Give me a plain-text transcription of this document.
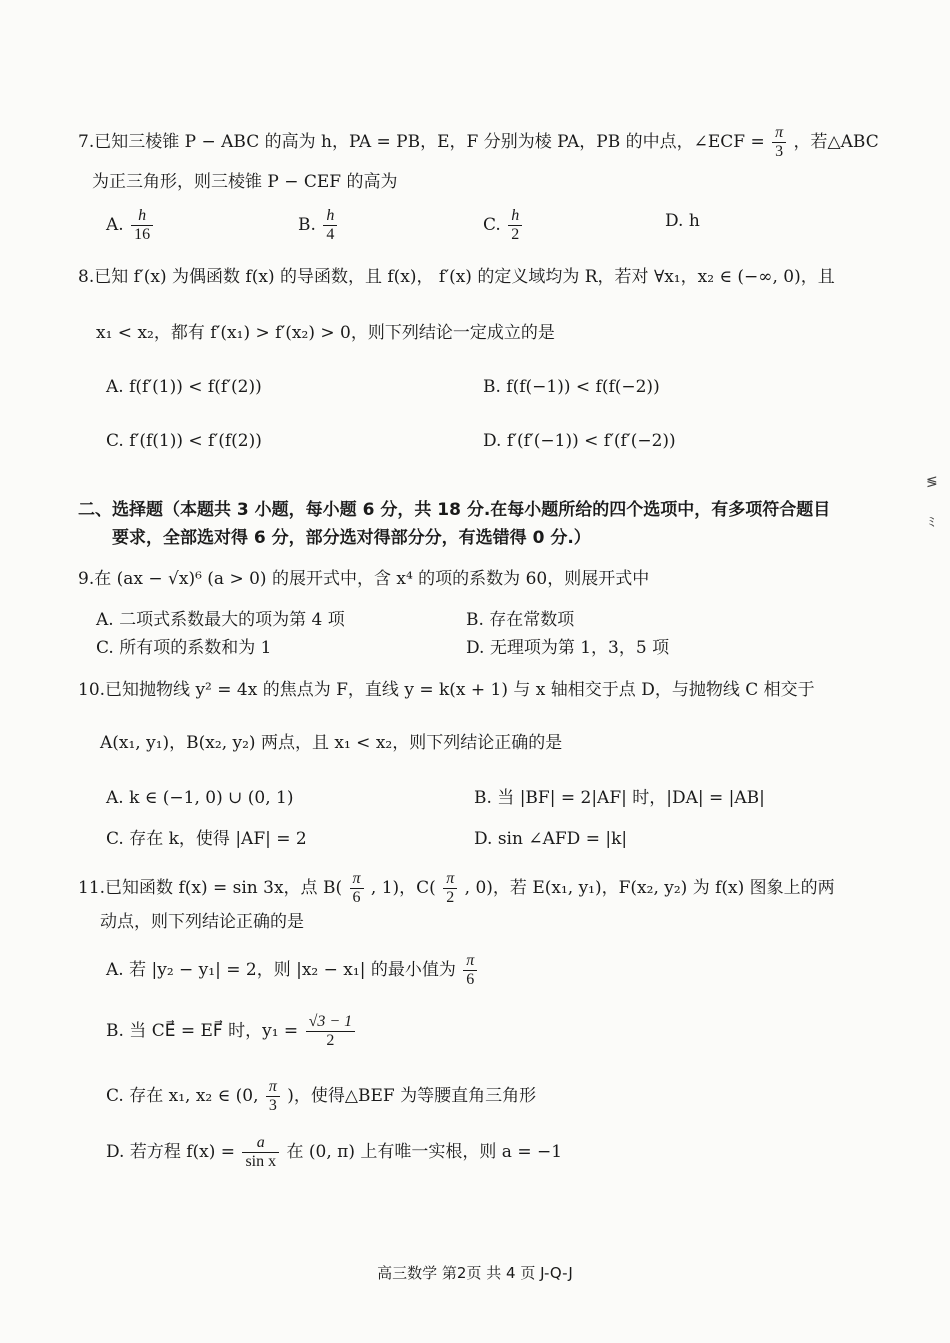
7.已知三棱锥 P − ABC 的高为 h，PA = PB，E，F 分别为棱 PA，PB 的中点，∠ECF = $\frac{\pi}{3}$ ，若△ABC
为正三角形，则三棱锥 P − CEF 的高为
A. $\frac{h}{16}$	B. $\frac{h}{4}$	C. $\frac{h}{2}$	D. h
8.已知 f′(x) 为偶函数 f(x) 的导函数，且 f(x)， f′(x) 的定义域均为 R，若对 ∀x₁，x₂ ∈ (−∞, 0)，且
x₁ < x₂，都有 f′(x₁) > f′(x₂) > 0，则下列结论一定成立的是
A. f(f′(1)) < f(f′(2))	B. f(f(−1)) < f(f(−2))
C. f′(f(1)) < f′(f(2))	D. f′(f′(−1)) < f′(f′(−2))
二、选择题（本题共 3 小题，每小题 6 分，共 18 分.在每小题所给的四个选项中，有多项符合题目
要求，全部选对得 6 分，部分选对得部分分，有选错得 0 分.）
9.在 (ax − √x)⁶ (a > 0) 的展开式中，含 x⁴ 的项的系数为 60，则展开式中
A. 二项式系数最大的项为第 4 项	B. 存在常数项
C. 所有项的系数和为 1	D. 无理项为第 1，3，5 项
10.已知抛物线 y² = 4x 的焦点为 F，直线 y = k(x + 1) 与 x 轴相交于点 D，与抛物线 C 相交于
A(x₁, y₁)，B(x₂, y₂) 两点，且 x₁ < x₂，则下列结论正确的是
A. k ∈ (−1, 0) ∪ (0, 1)	B. 当 |BF| = 2|AF| 时，|DA| = |AB|
C. 存在 k，使得 |AF| = 2	D. sin ∠AFD = |k|
11.已知函数 f(x) = sin 3x，点 $B( \frac{\pi}{6}$ , 1)，$C( \frac{\pi}{2}$ , 0)，若 E(x₁, y₁)，F(x₂, y₂) 为 f(x) 图象上的两
动点，则下列结论正确的是
A. 若 |y₂ − y₁| = 2，则 |x₂ − x₁| 的最小值为 $\frac{\pi}{6}$
B. 当 CE⃗ = EF⃗ 时，$y_1 = \frac{√3 - 1}{2}$
C. 存在 x₁, x₂ ∈ (0, $\frac{\pi}{3}$ )，使得△BEF 为等腰直角三角形
D. 若方程 $f(x) = \frac{a}{\text{sin x}}$ 在 (0, π) 上有唯一实根，则 a = −1
≶
ﾐ
高三数学 第2页 共 4 页 J-Q-J
